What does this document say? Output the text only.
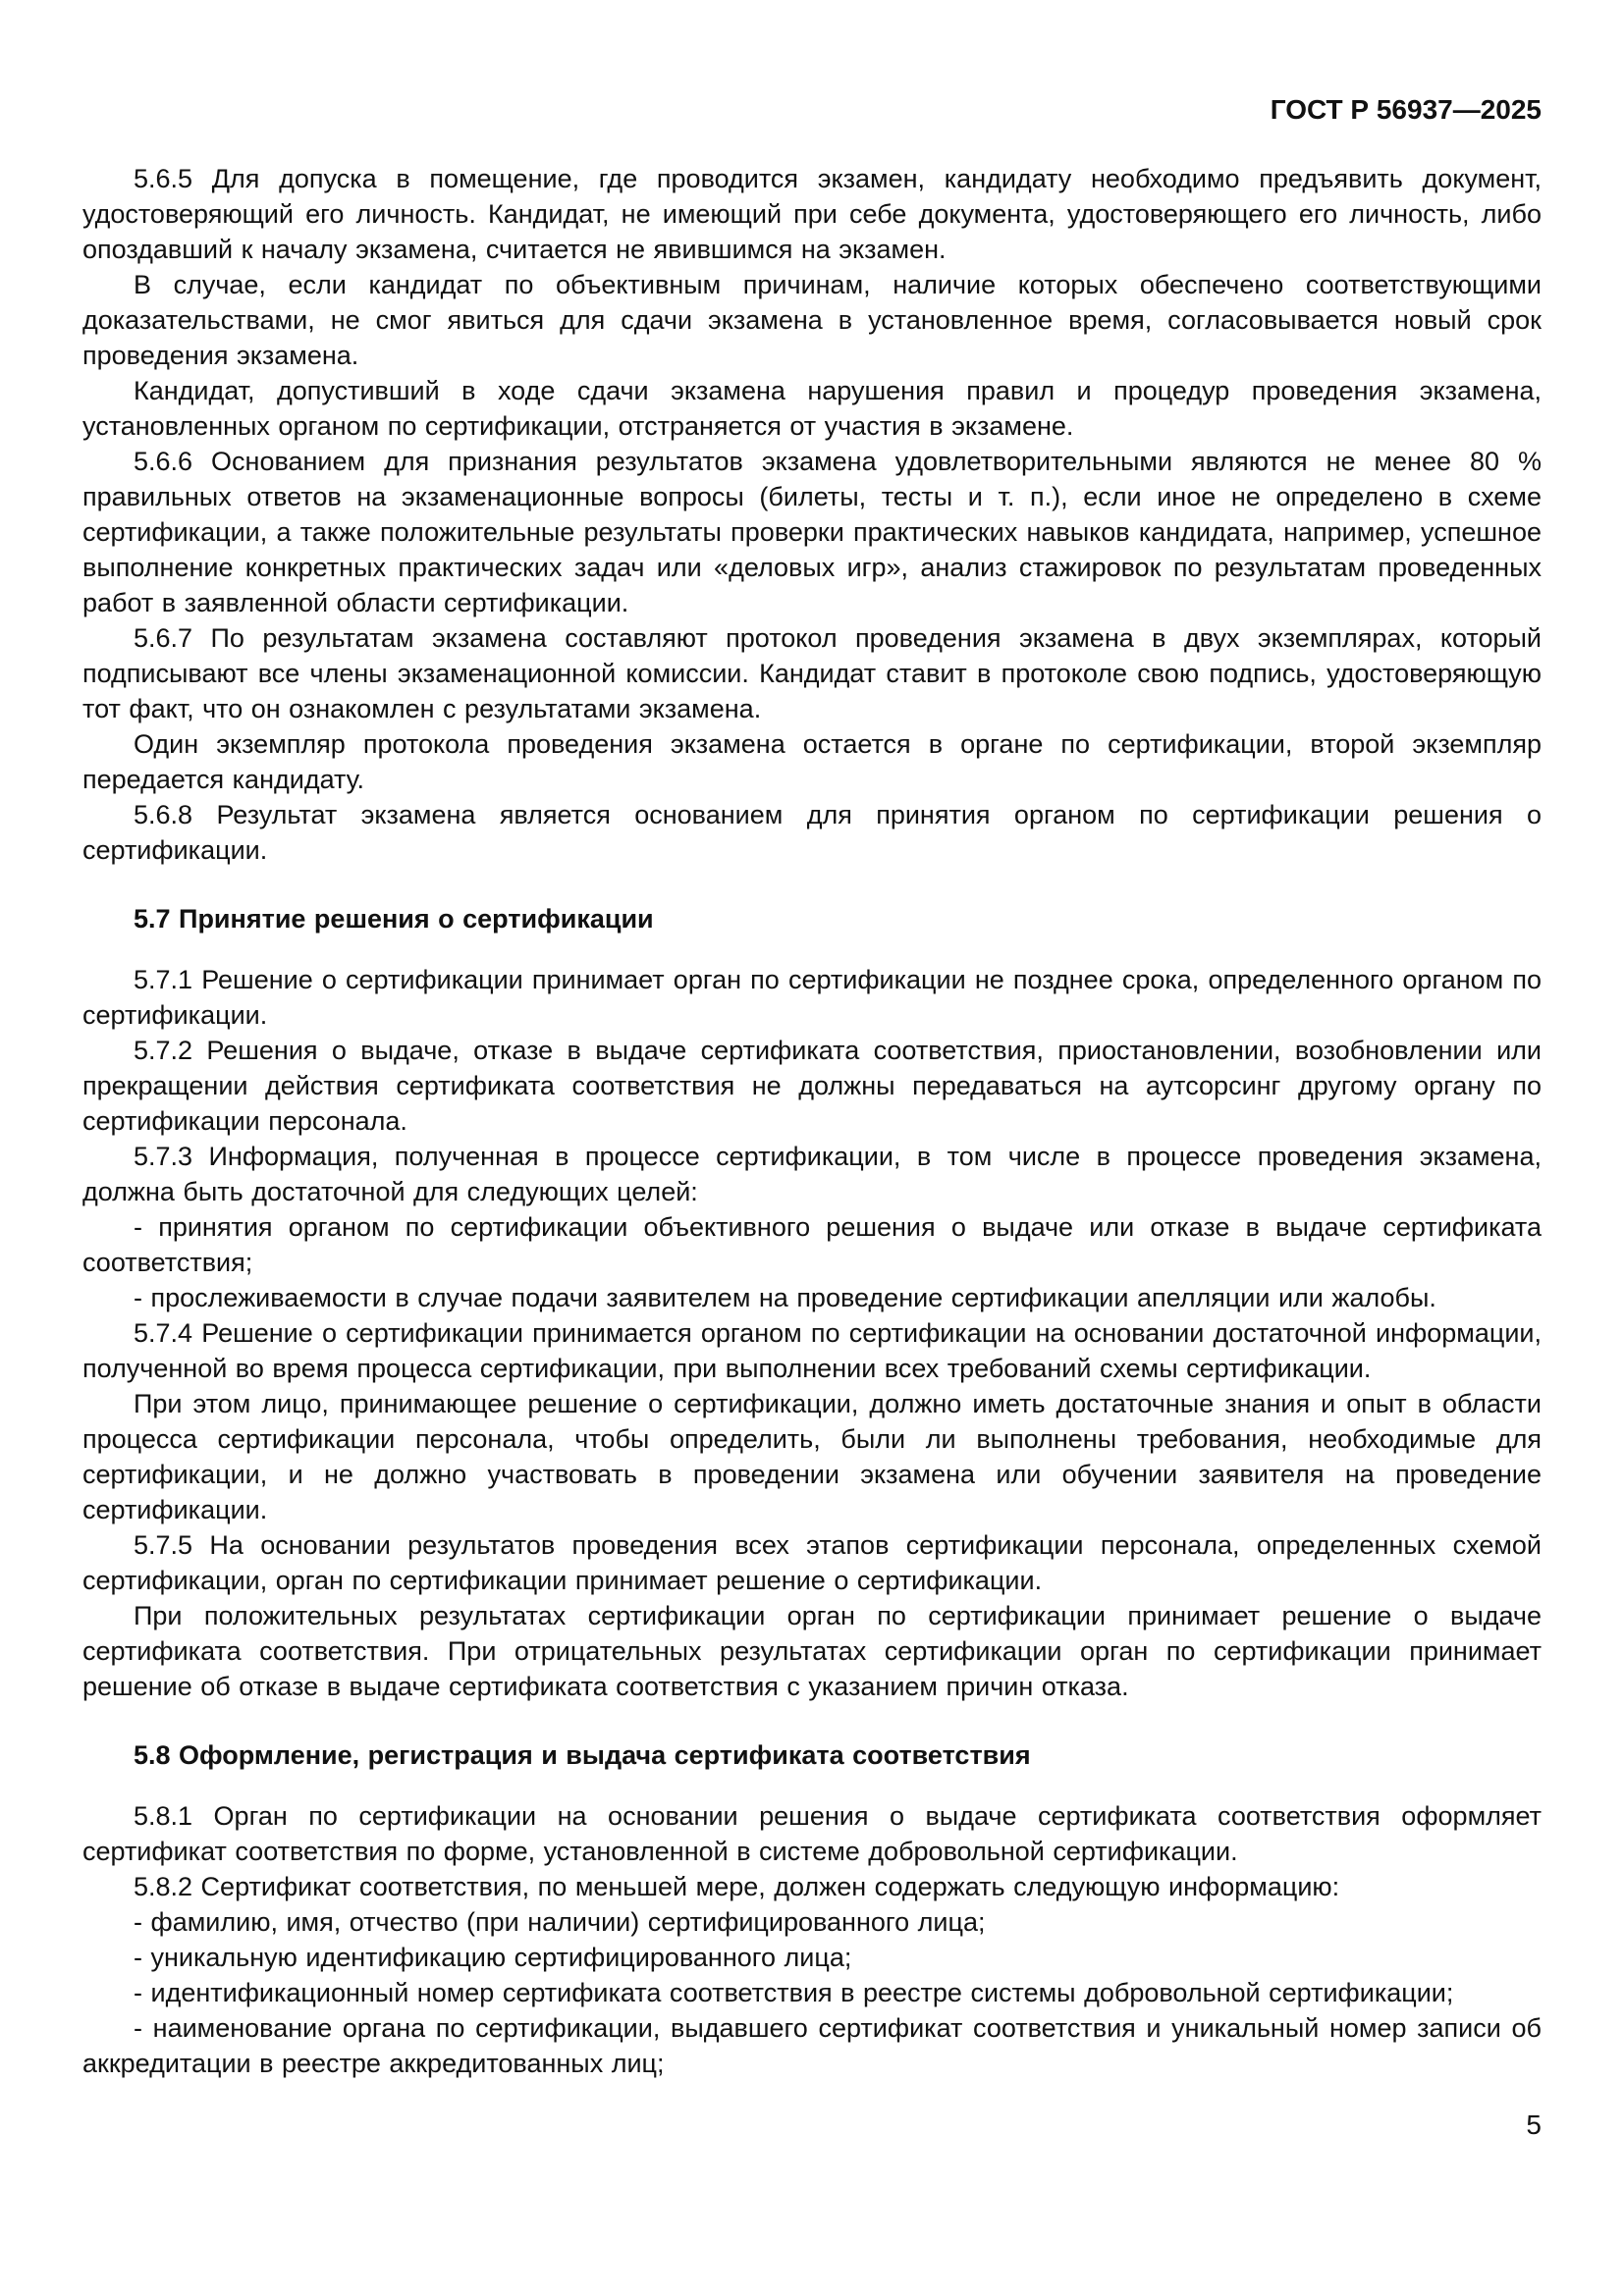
ГОСТ Р 56937—2025

5.6.5 Для допуска в помещение, где проводится экзамен, кандидату необходимо предъявить документ, удостоверяющий его личность. Кандидат, не имеющий при себе документа, удостоверяющего его личность, либо опоздавший к началу экзамена, считается не явившимся на экзамен.

В случае, если кандидат по объективным причинам, наличие которых обеспечено соответствующими доказательствами, не смог явиться для сдачи экзамена в установленное время, согласовывается новый срок проведения экзамена.

Кандидат, допустивший в ходе сдачи экзамена нарушения правил и процедур проведения экзамена, установленных органом по сертификации, отстраняется от участия в экзамене.

5.6.6 Основанием для признания результатов экзамена удовлетворительными являются не менее 80 % правильных ответов на экзаменационные вопросы (билеты, тесты и т. п.), если иное не определено в схеме сертификации, а также положительные результаты проверки практических навыков кандидата, например, успешное выполнение конкретных практических задач или «деловых игр», анализ стажировок по результатам проведенных работ в заявленной области сертификации.

5.6.7 По результатам экзамена составляют протокол проведения экзамена в двух экземплярах, который подписывают все члены экзаменационной комиссии. Кандидат ставит в протоколе свою подпись, удостоверяющую тот факт, что он ознакомлен с результатами экзамена.

Один экземпляр протокола проведения экзамена остается в органе по сертификации, второй экземпляр передается кандидату.

5.6.8 Результат экзамена является основанием для принятия органом по сертификации решения о сертификации.

5.7 Принятие решения о сертификации

5.7.1 Решение о сертификации принимает орган по сертификации не позднее срока, определенного органом по сертификации.

5.7.2 Решения о выдаче, отказе в выдаче сертификата соответствия, приостановлении, возобновлении или прекращении действия сертификата соответствия не должны передаваться на аутсорсинг другому органу по сертификации персонала.

5.7.3 Информация, полученная в процессе сертификации, в том числе в процессе проведения экзамена, должна быть достаточной для следующих целей:

- принятия органом по сертификации объективного решения о выдаче или отказе в выдаче сертификата соответствия;

- прослеживаемости в случае подачи заявителем на проведение сертификации апелляции или жалобы.

5.7.4 Решение о сертификации принимается органом по сертификации на основании достаточной информации, полученной во время процесса сертификации, при выполнении всех требований схемы сертификации.

При этом лицо, принимающее решение о сертификации, должно иметь достаточные знания и опыт в области процесса сертификации персонала, чтобы определить, были ли выполнены требования, необходимые для сертификации, и не должно участвовать в проведении экзамена или обучении заявителя на проведение сертификации.

5.7.5 На основании результатов проведения всех этапов сертификации персонала, определенных схемой сертификации, орган по сертификации принимает решение о сертификации.

При положительных результатах сертификации орган по сертификации принимает решение о выдаче сертификата соответствия. При отрицательных результатах сертификации орган по сертификации принимает решение об отказе в выдаче сертификата соответствия с указанием причин отказа.

5.8 Оформление, регистрация и выдача сертификата соответствия

5.8.1 Орган по сертификации на основании решения о выдаче сертификата соответствия оформляет сертификат соответствия по форме, установленной в системе добровольной сертификации.

5.8.2 Сертификат соответствия, по меньшей мере, должен содержать следующую информацию:

- фамилию, имя, отчество (при наличии) сертифицированного лица;

- уникальную идентификацию сертифицированного лица;

- идентификационный номер сертификата соответствия в реестре системы добровольной сертификации;

- наименование органа по сертификации, выдавшего сертификат соответствия и уникальный номер записи об аккредитации в реестре аккредитованных лиц;

5
